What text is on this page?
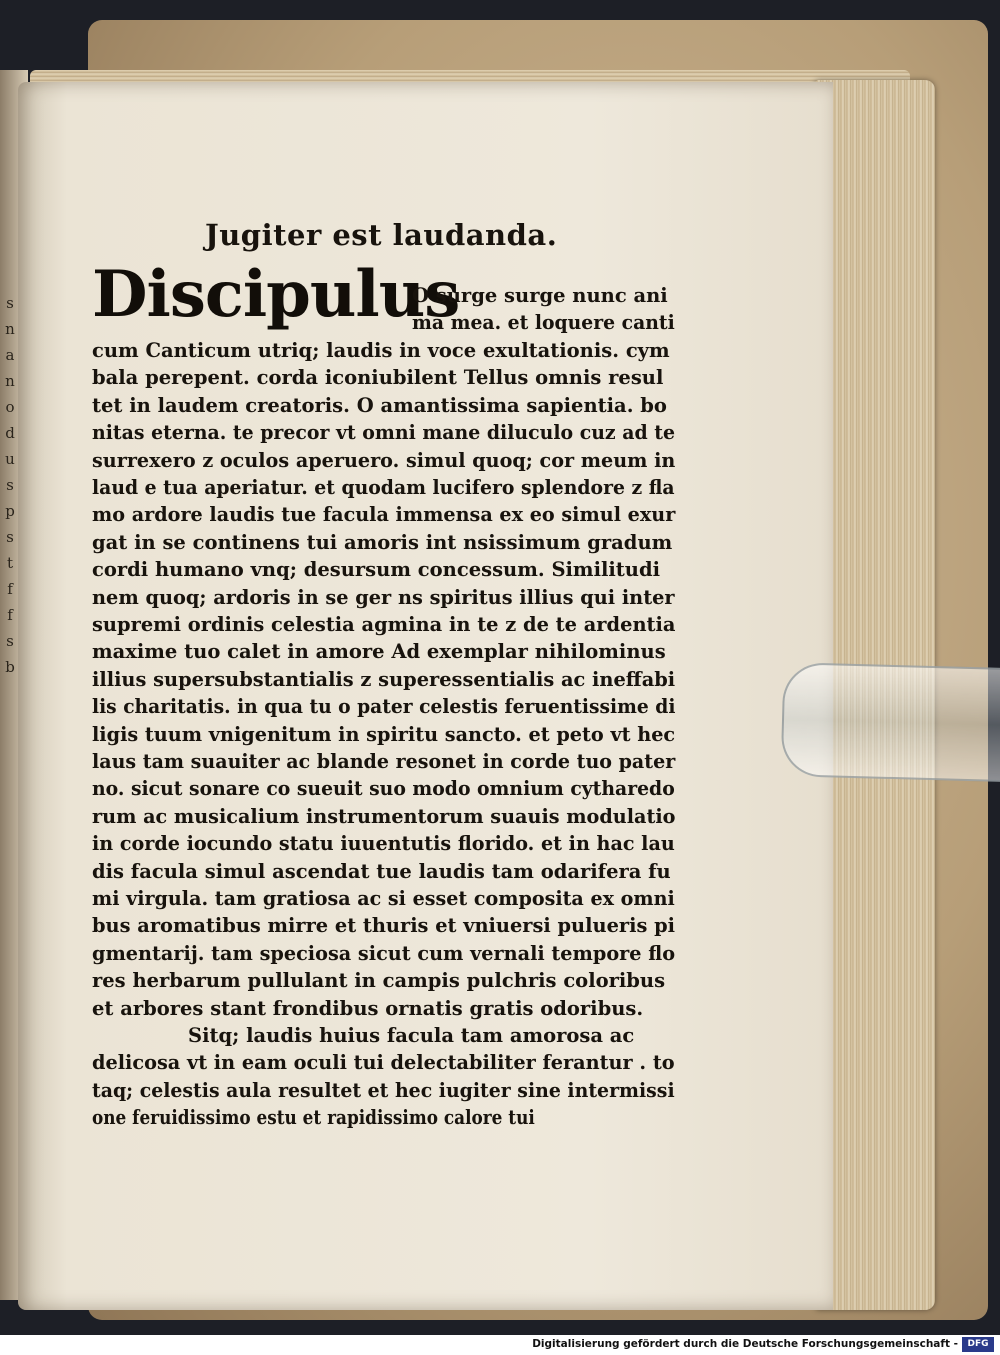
s
n
a
n
o
d
u
s
p
s
t
f
f
s
b
Jugiter est laudanda.
Discipulus
O surge surge nunc ani
ma mea. et loquere canti
cum Canticum utriq; laudis in voce exultationis. cym
bala perepent. corda iconiubilent Tellus omnis resul
tet in laudem creatoris. O amantissima sapientia. bo
nitas eterna. te precor vt omni mane diluculo cuz ad te
surrexero z oculos aperuero. simul quoq; cor meum in
laud e tua aperiatur. et quodam lucifero splendore z fla
mo ardore laudis tue facula immensa ex eo simul exur
gat in se continens tui amoris int nsissimum gradum
cordi humano vnq; desursum concessum. Similitudi
nem quoq; ardoris in se ger ns spiritus illius qui inter
supremi ordinis celestia agmina in te z de te ardentia
maxime tuo calet in amore Ad exemplar nihilominus
illius supersubstantialis z superessentialis ac ineffabi
lis charitatis. in qua tu o pater celestis feruentissime di
ligis tuum vnigenitum in spiritu sancto. et peto vt hec
laus tam suauiter ac blande resonet in corde tuo pater
no. sicut sonare co sueuit suo modo omnium cytharedo
rum ac musicalium instrumentorum suauis modulatio
in corde iocundo statu iuuentutis florido. et in hac lau
dis facula simul ascendat tue laudis tam odarifera fu
mi virgula. tam gratiosa ac si esset composita ex omni
bus aromatibus mirre et thuris et vniuersi pulueris pi
gmentarij. tam speciosa sicut cum vernali tempore flo
res herbarum pullulant in campis pulchris coloribus
et arbores stant frondibus ornatis gratis odoribus.
Sitq; laudis huius facula tam amorosa ac
delicosa vt in eam oculi tui delectabiliter ferantur . to
taq; celestis aula resultet et hec iugiter sine intermissi
one feruidissimo estu et rapidissimo calore tui
Digitalisierung gefördert durch die Deutsche Forschungsgemeinschaft -	DFG
